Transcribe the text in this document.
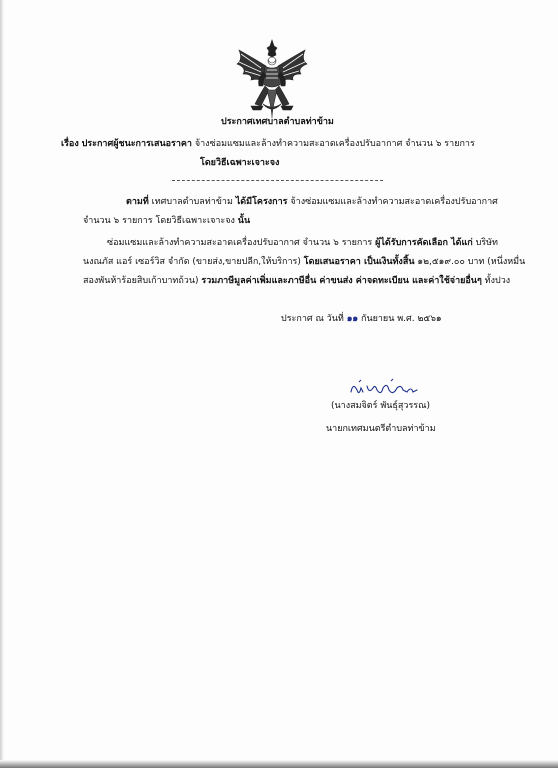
ประกาศเทศบาลตำบลท่าข้าม
เรื่อง ประกาศผู้ชนะการเสนอราคา จ้างซ่อมแซมและล้างทำความสะอาดเครื่องปรับอากาศ จำนวน ๖ รายการ
โดยวิธีเฉพาะเจาะจง
ตามที่ เทศบาลตำบลท่าข้าม ได้มีโครงการ จ้างซ่อมแซมและล้างทำความสะอาดเครื่องปรับอากาศ
จำนวน ๖ รายการ โดยวิธีเฉพาะเจาะจง นั้น
ซ่อมแซมและล้างทำความสะอาดเครื่องปรับอากาศ จำนวน ๖ รายการ ผู้ได้รับการคัดเลือก ได้แก่ บริษัท
นงณภัส แอร์ เซอร์วิส จำกัด (ขายส่ง,ขายปลีก,ให้บริการ) โดยเสนอราคา เป็นเงินทั้งสิ้น ๑๒,๕๑๙.๐๐ บาท (หนึ่งหมื่น
สองพันห้าร้อยสิบเก้าบาทถ้วน) รวมภาษีมูลค่าเพิ่มและภาษีอื่น ค่าขนส่ง ค่าจดทะเบียน และค่าใช้จ่ายอื่นๆ ทั้งปวง
ประกาศ ณ วันที่ ๑๑ กันยายน พ.ศ. ๒๕๖๑
(นางสมจิตร์ พันธุ์สุวรรณ)
นายกเทศมนตรีตำบลท่าข้าม
